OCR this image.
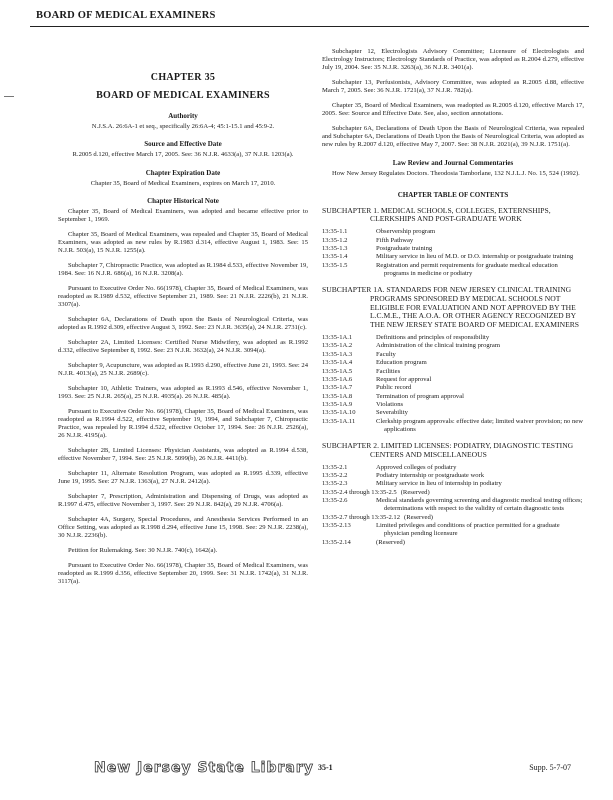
BOARD OF MEDICAL EXAMINERS
CHAPTER 35
BOARD OF MEDICAL EXAMINERS
Authority
N.J.S.A. 26:6A-1 et seq., specifically 26:6A-4; 45:1-15.1 and 45:9-2.
Source and Effective Date
R.2005 d.120, effective March 17, 2005. See: 36 N.J.R. 4633(a), 37 N.J.R. 1203(a).
Chapter Expiration Date
Chapter 35, Board of Medical Examiners, expires on March 17, 2010.
Chapter Historical Note

Chapter 35, Board of Medical Examiners, was adopted and became effective prior to September 1, 1969.

Chapter 35, Board of Medical Examiners, was repealed and Chapter 35, Board of Medical Examiners, was adopted as new rules by R.1983 d.314, effective August 1, 1983. See: 15 N.J.R. 503(a), 15 N.J.R. 1255(a).

Subchapter 7, Chiropractic Practice, was adopted as R.1984 d.533, effective November 19, 1984. See: 16 N.J.R. 686(a), 16 N.J.R. 3208(a).

Pursuant to Executive Order No. 66(1978), Chapter 35, Board of Medical Examiners, was readopted as R.1989 d.532, effective September 21, 1989. See: 21 N.J.R. 2226(b), 21 N.J.R. 3307(a).

Subchapter 6A, Declarations of Death upon the Basis of Neurological Criteria, was adopted as R.1992 d.309, effective August 3, 1992. See: 23 N.J.R. 3635(a), 24 N.J.R. 2731(c).

Subchapter 2A, Limited Licenses: Certified Nurse Midwifery, was adopted as R.1992 d.332, effective September 8, 1992. See: 23 N.J.R. 3632(a), 24 N.J.R. 3094(a).

Subchapter 9, Acupuncture, was adopted as R.1993 d.290, effective June 21, 1993. See: 24 N.J.R. 4013(a), 25 N.J.R. 2689(c).

Subchapter 10, Athletic Trainers, was adopted as R.1993 d.546, effective November 1, 1993. See: 25 N.J.R. 265(a), 25 N.J.R. 4935(a). 26 N.J.R. 485(a).

Pursuant to Executive Order No. 66(1978), Chapter 35, Board of Medical Examiners, was readopted as R.1994 d.522, effective September 19, 1994, and Subchapter 7, Chiropractic Practice, was repealed by R.1994 d.522, effective October 17, 1994. See: 26 N.J.R. 2526(a), 26 N.J.R. 4195(a).

Subchapter 2B, Limited Licenses: Physician Assistants, was adopted as R.1994 d.538, effective November 7, 1994. See: 25 N.J.R. 5099(b), 26 N.J.R. 4411(b).

Subchapter 11, Alternate Resolution Program, was adopted as R.1995 d.339, effective June 19, 1995. See: 27 N.J.R. 1363(a), 27 N.J.R. 2412(a).

Subchapter 7, Prescription, Administration and Dispensing of Drugs, was adopted as R.1997 d.475, effective November 3, 1997. See: 29 N.J.R. 842(a), 29 N.J.R. 4706(a).

Subchapter 4A, Surgery, Special Procedures, and Anesthesia Services Performed in an Office Setting, was adopted as R.1998 d.294, effective June 15, 1998. See: 29 N.J.R. 2238(a), 30 N.J.R. 2236(b).

Petition for Rulemaking. See: 30 N.J.R. 740(c), 1642(a).

Pursuant to Executive Order No. 66(1978), Chapter 35, Board of Medical Examiners, was readopted as R.1999 d.356, effective September 20, 1999. See: 31 N.J.R. 1742(a), 31 N.J.R. 3117(a).

Subchapter 12, Electrologists Advisory Committee; Licensure of Electrologists and Electrology Instructors; Electrology Standards of Practice, was adopted as R.2004 d.279, effective July 19, 2004. See: 35 N.J.R. 3263(a), 36 N.J.R. 3401(a).

Subchapter 13, Perfusionists, Advisory Committee, was adopted as R.2005 d.88, effective March 7, 2005. See: 36 N.J.R. 1721(a), 37 N.J.R. 782(a).

Chapter 35, Board of Medical Examiners, was readopted as R.2005 d.120, effective March 17, 2005. See: Source and Effective Date. See, also, section annotations.

Subchapter 6A, Declarations of Death Upon the Basis of Neurological Criteria, was repealed and Subchapter 6A, Declarations of Death Upon the Basis of Neurological Criteria, was adopted as new rules by R.2007 d.120, effective May 7, 2007. See: 38 N.J.R. 2021(a), 39 N.J.R. 1751(a).

Law Review and Journal Commentaries

How New Jersey Regulates Doctors. Theodosia Tamborlane, 132 N.J.L.J. No. 15, 524 (1992).

CHAPTER TABLE OF CONTENTS
SUBCHAPTER 1. MEDICAL SCHOOLS, COLLEGES, EXTERNSHIPS, CLERKSHIPS AND POST-GRADUATE WORK
13:35-1.1	Observership program
13:35-1.2	Fifth Pathway
13:35-1.3	Postgraduate training
13:35-1.4	Military service in lieu of M.D. or D.O. internship or postgraduate training
13:35-1.5	Registration and permit requirements for graduate medical education programs in medicine or podiatry
SUBCHAPTER 1A. STANDARDS FOR NEW JERSEY CLINICAL TRAINING PROGRAMS SPONSORED BY MEDICAL SCHOOLS NOT ELIGIBLE FOR EVALUATION AND NOT APPROVED BY THE L.C.M.E., THE A.O.A. OR OTHER AGENCY RECOGNIZED BY THE NEW JERSEY STATE BOARD OF MEDICAL EXAMINERS
13:35-1A.1	Definitions and principles of responsibility
13:35-1A.2	Administration of the clinical training program
13:35-1A.3	Faculty
13:35-1A.4	Education program
13:35-1A.5	Facilities
13:35-1A.6	Request for approval
13:35-1A.7	Public record
13:35-1A.8	Termination of program approval
13:35-1A.9	Violations
13:35-1A.10	Severability
13:35-1A.11	Clerkship program approvals: effective date; limited waiver provision; no new applications
SUBCHAPTER 2. LIMITED LICENSES: PODIATRY, DIAGNOSTIC TESTING CENTERS AND MISCELLANEOUS
13:35-2.1	Approved colleges of podiatry
13:35-2.2	Podiatry internship or postgraduate work
13:35-2.3	Military service in lieu of internship in podiatry
13:35-2.4 through 13:35-2.5 (Reserved)
13:35-2.6	Medical standards governing screening and diagnostic medical testing offices; determinations with respect to the validity of certain diagnostic tests
13:35-2.7 through 13:35-2.12 (Reserved)
13:35-2.13	Limited privileges and conditions of practice permitted for a graduate physician pending licensure
13:35-2.14	(Reserved)
New Jersey State Library 35-1	Supp. 5-7-07
